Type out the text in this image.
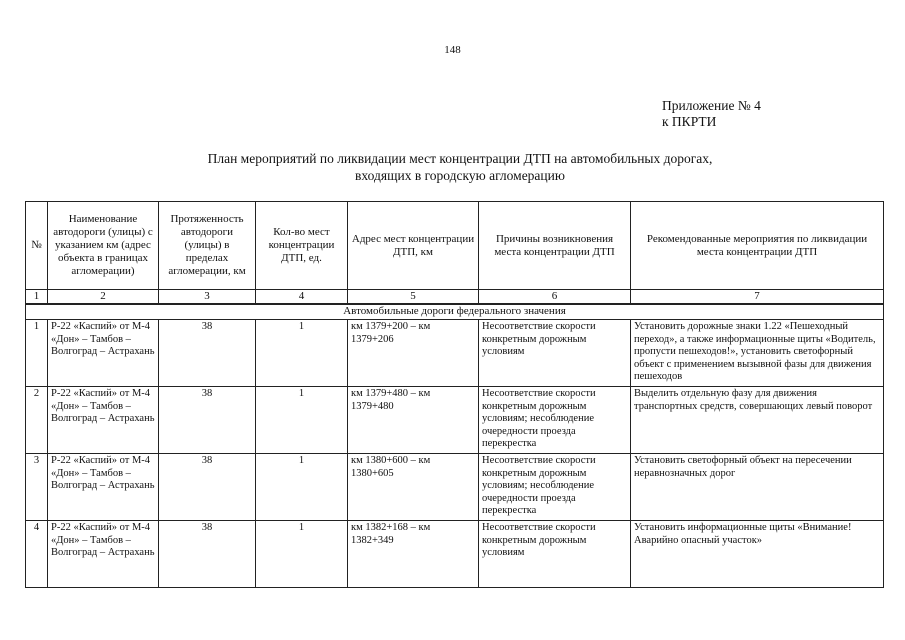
148
Приложение № 4
к ПКРТИ
План мероприятий по ликвидации мест концентрации ДТП на автомобильных дорогах,
входящих в городскую агломерацию
№	Наименование автодороги (улицы) с указанием км (адрес объекта в границах агломерации)	Протяженность автодороги (улицы) в пределах агломерации, км	Кол-во мест концентрации ДТП, ед.	Адрес мест концентрации ДТП, км	Причины возникновения места концентрации ДТП	Рекомендованные мероприятия по ликвидации места концентрации ДТП
1	2	3	4	5	6	7
Автомобильные дороги федерального значения						
1	Р-22 «Каспий» от М-4 «Дон» – Тамбов – Волгоград – Астрахань	38	1	км 1379+200 – км 1379+206	Несоответствие скорости конкретным дорожным условиям	Установить дорожные знаки 1.22 «Пешеходный переход», а также информационные щиты «Водитель, пропусти пешеходов!», установить светофорный объект с применением вызывной фазы для движения пешеходов
2	Р-22 «Каспий» от М-4 «Дон» – Тамбов – Волгоград – Астрахань	38	1	км 1379+480 – км 1379+480	Несоответствие скорости конкретным дорожным условиям; несоблюдение очередности проезда перекрестка	Выделить отдельную фазу для движения транспортных средств, совершающих левый поворот
3	Р-22 «Каспий» от М-4 «Дон» – Тамбов – Волгоград – Астрахань	38	1	км 1380+600 – км 1380+605	Несоответствие скорости конкретным дорожным условиям; несоблюдение очередности проезда перекрестка	Установить светофорный объект на пересечении неравнозначных дорог
4	Р-22 «Каспий» от М-4 «Дон» – Тамбов – Волгоград – Астрахань	38	1	км 1382+168 – км 1382+349	Несоответствие скорости конкретным дорожным условиям	Установить информационные щиты «Внимание! Аварийно опасный участок»
